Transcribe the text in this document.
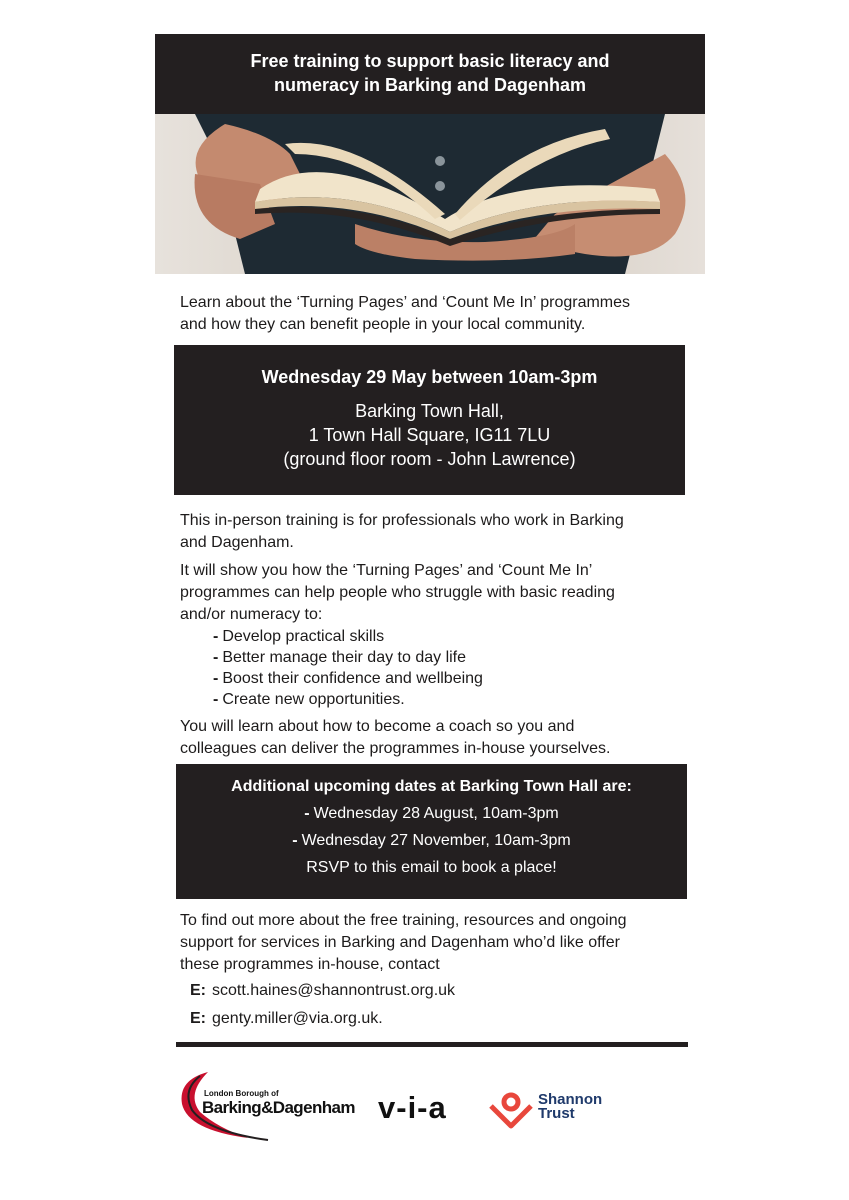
Free training to support basic literacy and
numeracy in Barking and Dagenham
Learn about the ‘Turning Pages’ and ‘Count Me In’ programmes
and how they can benefit people in your local community.
Wednesday 29 May between 10am-3pm
Barking Town Hall,
1 Town Hall Square, IG11 7LU
(ground floor room - John Lawrence)
This in-person training is for professionals who work in Barking
and Dagenham.
It will show you how the ‘Turning Pages’ and ‘Count Me In’
programmes can help people who struggle with basic reading
and/or numeracy to:
- Develop practical skills
- Better manage their day to day life
- Boost their confidence and wellbeing
- Create new opportunities.
You will learn about how to become a coach so you and
colleagues can deliver the programmes in-house yourselves.
Additional upcoming dates at Barking Town Hall are:
- Wednesday 28 August, 10am-3pm
- Wednesday 27 November, 10am-3pm
RSVP to this email to book a place!
To find out more about the free training, resources and ongoing
support for services in Barking and Dagenham who’d like offer
these programmes in-house, contact
E: scott.haines@shannontrust.org.uk
E: genty.miller@via.org.uk.
London Borough of
Barking&Dagenham v-i-a	Shannon
Trust
